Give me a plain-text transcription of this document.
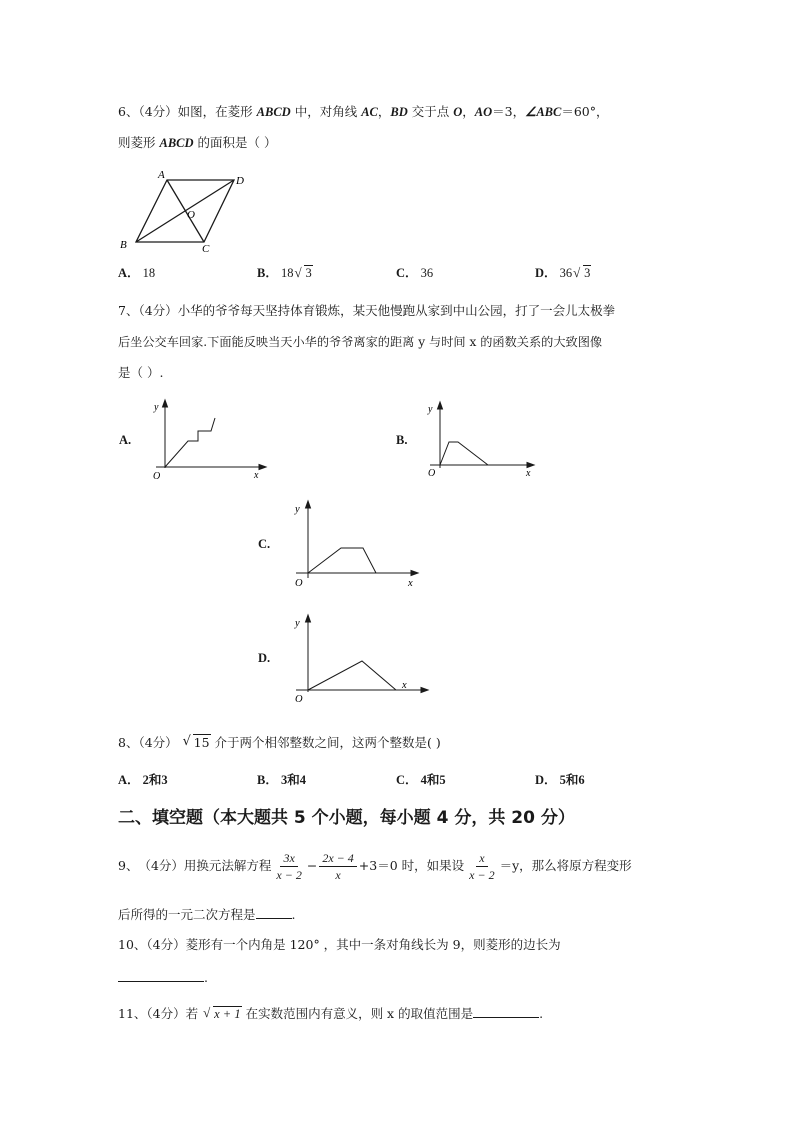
6、（4分）如图，在菱形 ABCD 中，对角线 AC，BD 交于点 O，AO＝3，∠ABC＝60°，
则菱形 ABCD 的面积是（ ）
A	D
O
B	C
A． 18	B． 18 √ 3	C． 36	D． 36 √ 3
7、（4分）小华的爷爷每天坚持体育锻炼，某天他慢跑从家到中山公园，打了一会儿太极拳
后坐公交车回家.下面能反映当天小华的爷爷离家的距离 y 与时间 x 的函数关系的大致图像
是（ ）.
A.
y
x
O
B.
y
x
O
C.
y
x
O
D.
y
x
O
8、（4分） √ 15 介于两个相邻整数之间，这两个整数是( )
A． 2和3	B． 3和4	C． 4和5	D． 5和6
二、填空题（本大题共 5 个小题，每小题 4 分，共 20 分）
9、 （4分） 用换元法解方程 $\frac{3x}{x - 2} - \frac{2x - 4}{x} +3=0$ 时，如果设 $\frac{x}{x - 2} =y$，那么将原方程变形
后所得的一元二次方程是	.
10、（4分）菱形有一个内角是 120° ，其中一条对角线长为 9，则菱形的边长为
.
11、（4分）若 √ x + 1 在实数范围内有意义，则 x 的取值范围是	.
